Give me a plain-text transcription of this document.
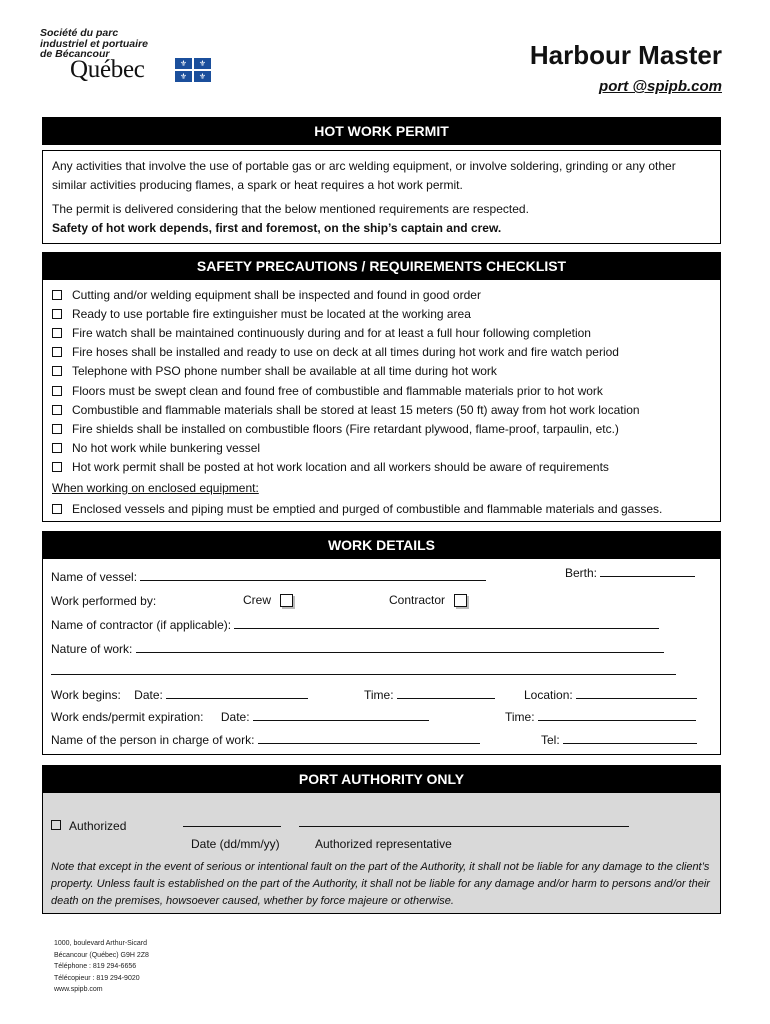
Société du parc
industriel et portuaire
de Bécancour
Québec	⚜	⚜
⚜	⚜
Harbour Master
port @spipb.com
HOT WORK PERMIT
Any activities that involve the use of portable gas or arc welding equipment, or involve soldering, grinding or any other similar activities producing flames, a spark or heat requires a hot work permit.
The permit is delivered considering that the below mentioned requirements are respected.
Safety of hot work depends, first and foremost, on the ship’s captain and crew.
SAFETY PRECAUTIONS / REQUIREMENTS CHECKLIST
Cutting and/or welding equipment shall be inspected and found in good order
Ready to use portable fire extinguisher must be located at the working area
Fire watch shall be maintained continuously during and for at least a full hour following completion
Fire hoses shall be installed and ready to use on deck at all times during hot work and fire watch period
Telephone with PSO phone number shall be available at all time during hot work
Floors must be swept clean and found free of combustible and flammable materials prior to hot work
Combustible and flammable materials shall be stored at least 15 meters (50 ft) away from hot work location
Fire shields shall be installed on combustible floors (Fire retardant plywood, flame-proof, tarpaulin, etc.)
No hot work while bunkering vessel
Hot work permit shall be posted at hot work location and all workers should be aware of requirements
When working on enclosed equipment:
Enclosed vessels and piping must be emptied and purged of combustible and flammable materials and gasses.
WORK DETAILS
Name of vessel:	Berth:
Work performed by:	Crew	Contractor
Name of contractor (if applicable):
Nature of work:
Work begins: Date:	Time:	Location:
Work ends/permit expiration: Date:	Time:
Name of the person in charge of work:	Tel:
PORT AUTHORITY ONLY
Authorized
Date (dd/mm/yy)	Authorized representative
Note that except in the event of serious or intentional fault on the part of the Authority, it shall not be liable for any damage to the client’s property. Unless fault is established on the part of the Authority, it shall not be liable for any damage and/or harm to persons and/or their death on the premises, howsoever caused, whether by force majeure or otherwise.
1000, boulevard Arthur-Sicard
Bécancour (Québec) G9H 2Z8
Téléphone : 819 294-6656
Télécopieur : 819 294-9020
www.spipb.com
